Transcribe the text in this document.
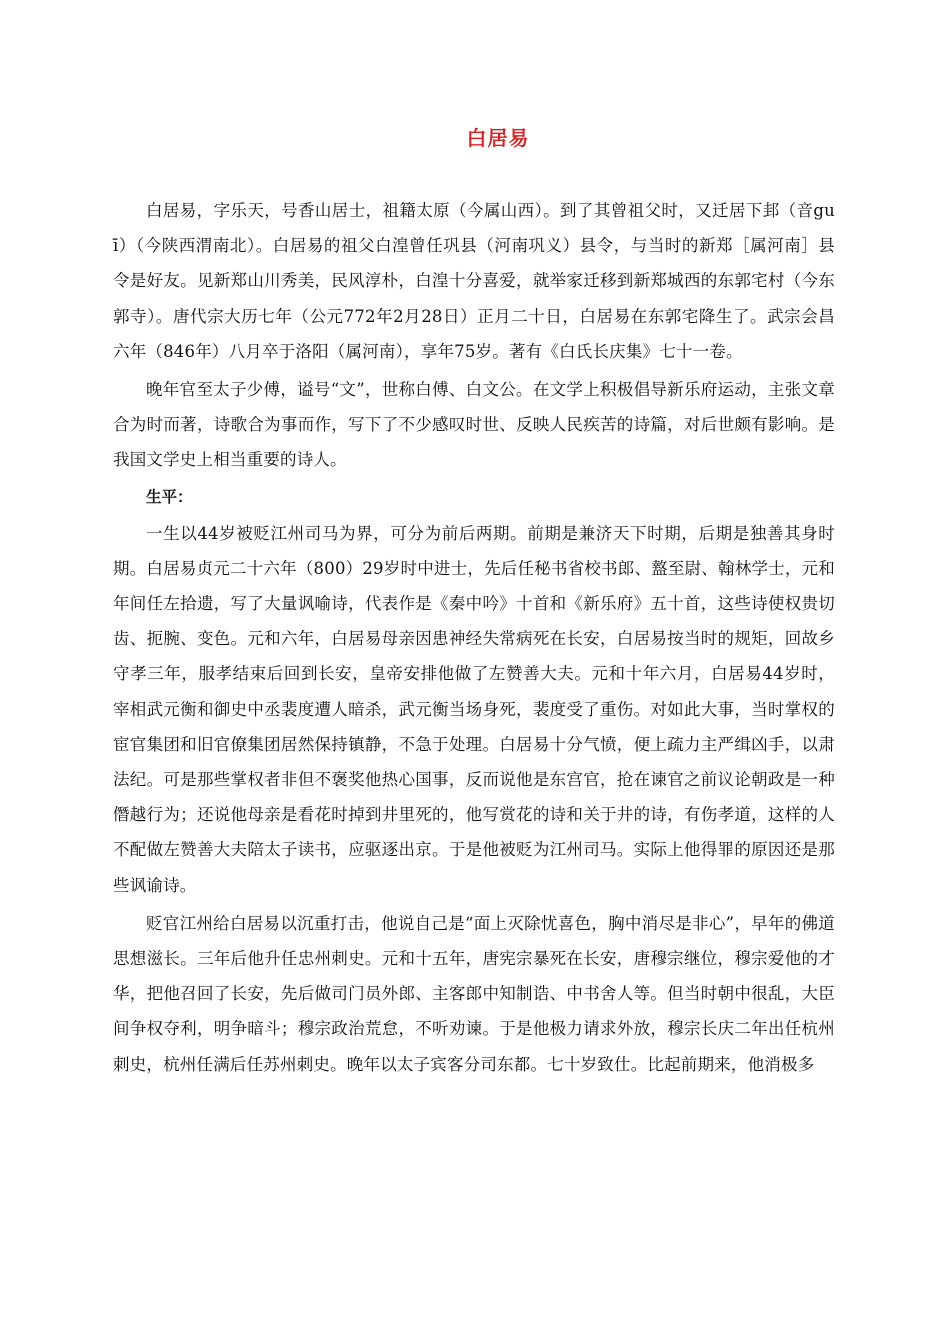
白居易

白居易，字乐天，号香山居士，祖籍太原（今属山西）。到了其曾祖父时，又迁居下邽（音guī）（今陕西渭南北）。白居易的祖父白湟曾任巩县（河南巩义）县令，与当时的新郑［属河南］县令是好友。见新郑山川秀美，民风淳朴，白湟十分喜爱，就举家迁移到新郑城西的东郭宅村（今东郭寺）。唐代宗大历七年（公元772年2月28日）正月二十日，白居易在东郭宅降生了。武宗会昌六年（846年）八月卒于洛阳（属河南），享年75岁。著有《白氏长庆集》七十一卷。

晚年官至太子少傅，谥号“文”，世称白傅、白文公。在文学上积极倡导新乐府运动，主张文章合为时而著，诗歌合为事而作，写下了不少感叹时世、反映人民疾苦的诗篇，对后世颇有影响。是我国文学史上相当重要的诗人。

生平：

一生以44岁被贬江州司马为界，可分为前后两期。前期是兼济天下时期，后期是独善其身时期。白居易贞元二十六年（800）29岁时中进士，先后任秘书省校书郎、盩至尉、翰林学士，元和年间任左拾遗，写了大量讽喻诗，代表作是《秦中吟》十首和《新乐府》五十首，这些诗使权贵切齿、扼腕、变色。元和六年，白居易母亲因患神经失常病死在长安，白居易按当时的规矩，回故乡守孝三年，服孝结束后回到长安，皇帝安排他做了左赞善大夫。元和十年六月，白居易44岁时，宰相武元衡和御史中丞裴度遭人暗杀，武元衡当场身死，裴度受了重伤。对如此大事，当时掌权的宦官集团和旧官僚集团居然保持镇静，不急于处理。白居易十分气愤，便上疏力主严缉凶手，以肃法纪。可是那些掌权者非但不褒奖他热心国事，反而说他是东宫官，抢在谏官之前议论朝政是一种僭越行为；还说他母亲是看花时掉到井里死的，他写赏花的诗和关于井的诗，有伤孝道，这样的人不配做左赞善大夫陪太子读书，应驱逐出京。于是他被贬为江州司马。实际上他得罪的原因还是那些讽谕诗。

贬官江州给白居易以沉重打击，他说自己是“面上灭除忧喜色，胸中消尽是非心”，早年的佛道思想滋长。三年后他升任忠州刺史。元和十五年，唐宪宗暴死在长安，唐穆宗继位，穆宗爱他的才华，把他召回了长安，先后做司门员外郎、主客郎中知制诰、中书舍人等。但当时朝中很乱，大臣间争权夺利，明争暗斗；穆宗政治荒怠，不听劝谏。于是他极力请求外放，穆宗长庆二年出任杭州刺史，杭州任满后任苏州刺史。晚年以太子宾客分司东都。七十岁致仕。比起前期来，他消极多
